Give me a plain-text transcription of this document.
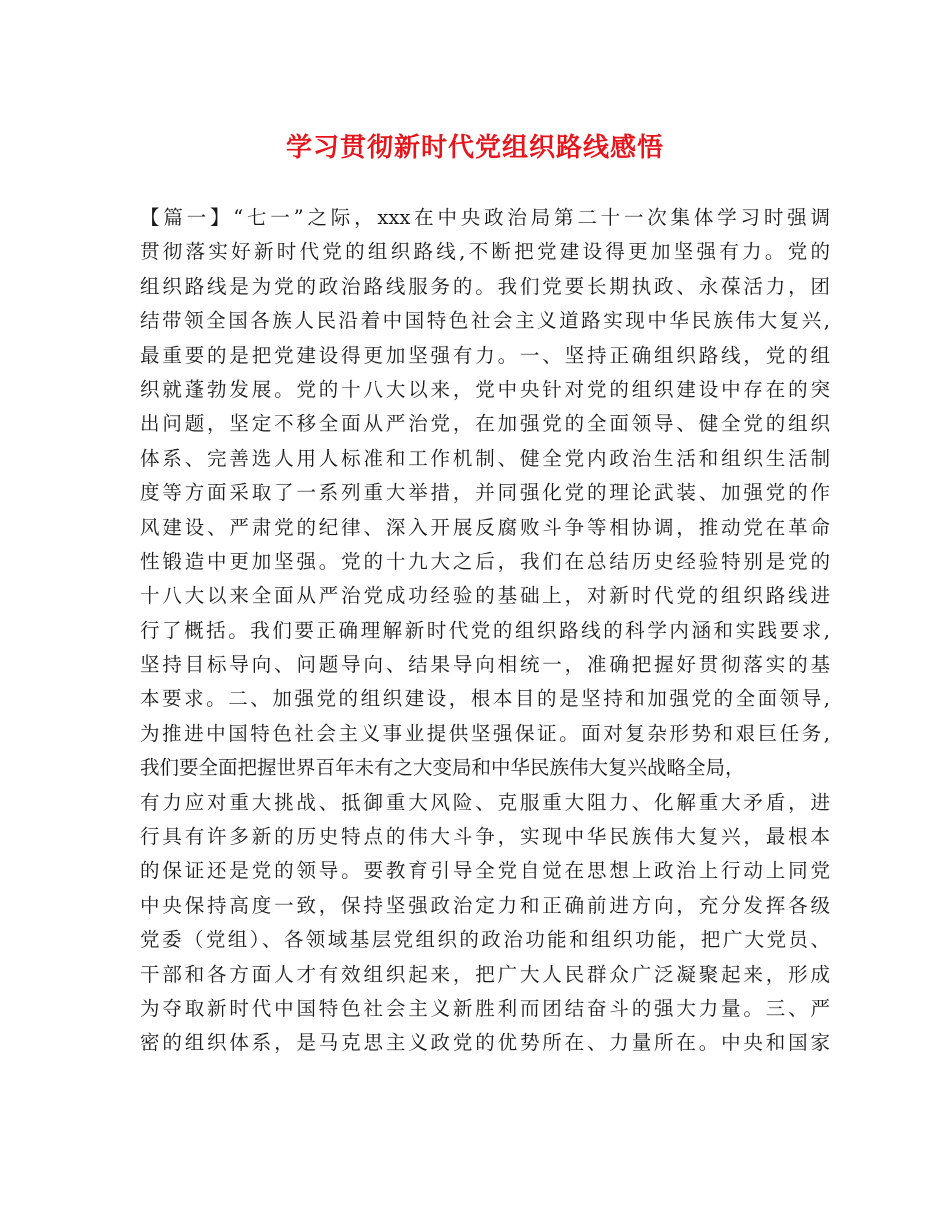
学习贯彻新时代党组织路线感悟
【篇一】“七一”之际，xxx在中央政治局第二十一次集体学习时强调
贯彻落实好新时代党的组织路线,不断把党建设得更加坚强有力。党的
组织路线是为党的政治路线服务的。我们党要长期执政、永葆活力，团
结带领全国各族人民沿着中国特色社会主义道路实现中华民族伟大复兴,
最重要的是把党建设得更加坚强有力。一、坚持正确组织路线，党的组
织就蓬勃发展。党的十八大以来，党中央针对党的组织建设中存在的突
出问题，坚定不移全面从严治党，在加强党的全面领导、健全党的组织
体系、完善选人用人标准和工作机制、健全党内政治生活和组织生活制
度等方面采取了一系列重大举措，并同强化党的理论武装、加强党的作
风建设、严肃党的纪律、深入开展反腐败斗争等相协调，推动党在革命
性锻造中更加坚强。党的十九大之后，我们在总结历史经验特别是党的
十八大以来全面从严治党成功经验的基础上，对新时代党的组织路线进
行了概括。我们要正确理解新时代党的组织路线的科学内涵和实践要求,
坚持目标导向、问题导向、结果导向相统一，准确把握好贯彻落实的基
本要求。二、加强党的组织建设，根本目的是坚持和加强党的全面领导,
为推进中国特色社会主义事业提供坚强保证。面对复杂形势和艰巨任务,
我们要全面把握世界百年未有之大变局和中华民族伟大复兴战略全局，
有力应对重大挑战、抵御重大风险、克服重大阻力、化解重大矛盾，进
行具有许多新的历史特点的伟大斗争，实现中华民族伟大复兴，最根本
的保证还是党的领导。要教育引导全党自觉在思想上政治上行动上同党
中央保持高度一致，保持坚强政治定力和正确前进方向，充分发挥各级
党委（党组）、各领域基层党组织的政治功能和组织功能，把广大党员、
干部和各方面人才有效组织起来，把广大人民群众广泛凝聚起来，形成
为夺取新时代中国特色社会主义新胜利而团结奋斗的强大力量。三、严
密的组织体系，是马克思主义政党的优势所在、力量所在。中央和国家
